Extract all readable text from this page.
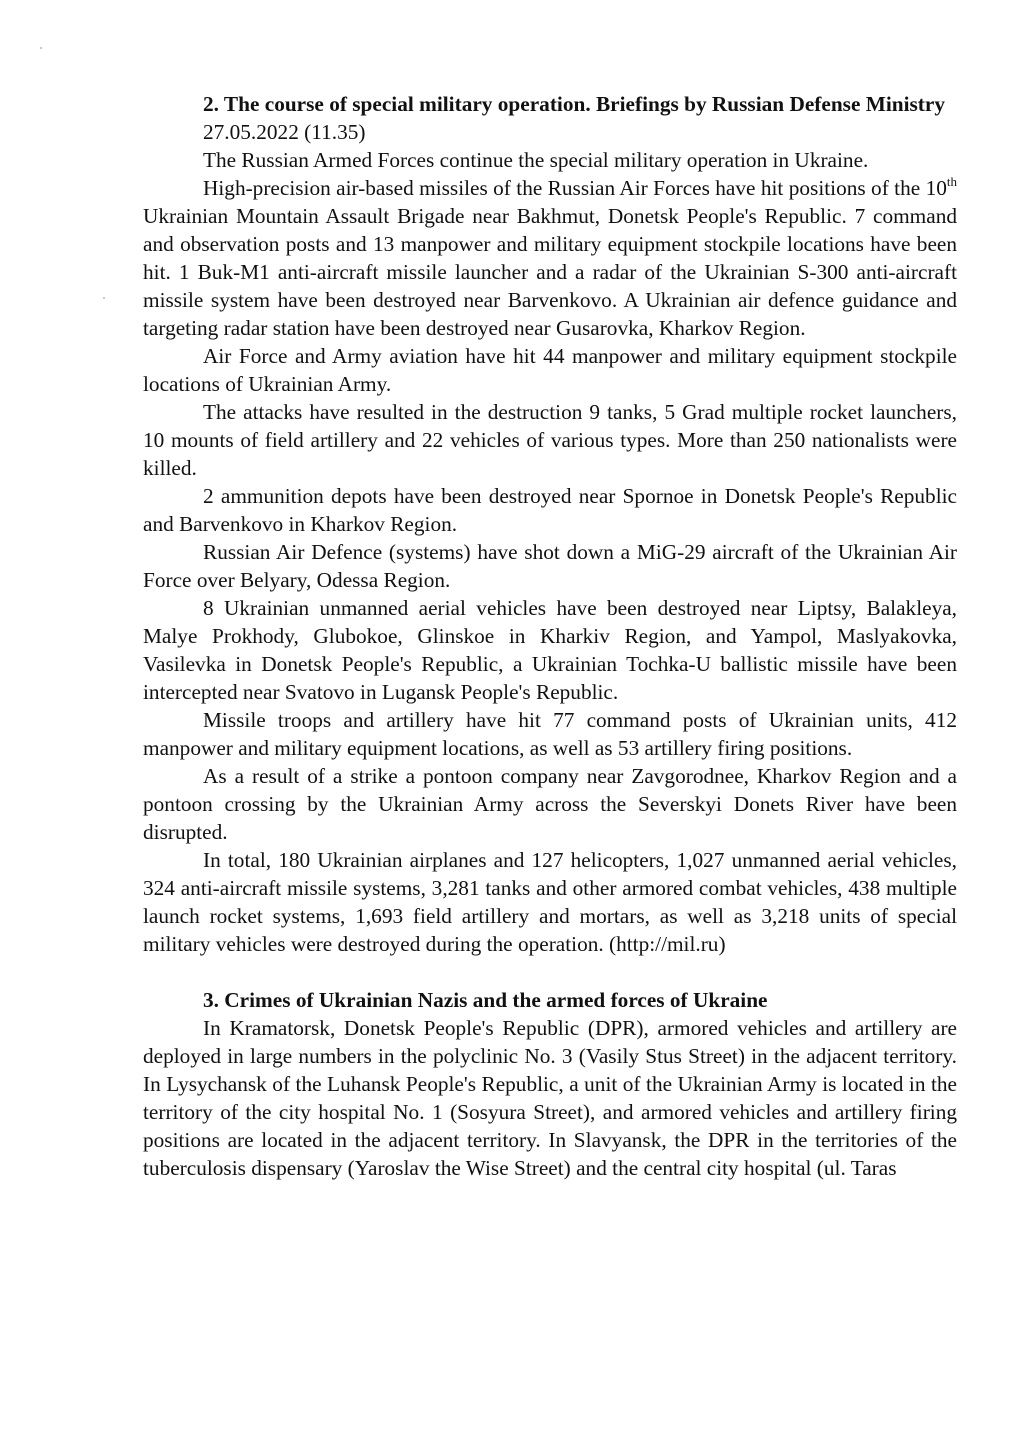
2. The course of special military operation. Briefings by Russian Defense Ministry

27.05.2022 (11.35)

The Russian Armed Forces continue the special military operation in Ukraine.

High-precision air-based missiles of the Russian Air Forces have hit positions of the 10th Ukrainian Mountain Assault Brigade near Bakhmut, Donetsk People's Republic. 7 command and observation posts and 13 manpower and military equipment stockpile locations have been hit. 1 Buk-M1 anti-aircraft missile launcher and a radar of the Ukrainian S-300 anti-aircraft missile system have been destroyed near Barvenkovo. A Ukrainian air defence guidance and targeting radar station have been destroyed near Gusarovka, Kharkov Region.

Air Force and Army aviation have hit 44 manpower and military equipment stockpile locations of Ukrainian Army.

The attacks have resulted in the destruction 9 tanks, 5 Grad multiple rocket launchers, 10 mounts of field artillery and 22 vehicles of various types. More than 250 nationalists were killed.

2 ammunition depots have been destroyed near Spornoe in Donetsk People's Republic and Barvenkovo in Kharkov Region.

Russian Air Defence (systems) have shot down a MiG-29 aircraft of the Ukrainian Air Force over Belyary, Odessa Region.

8 Ukrainian unmanned aerial vehicles have been destroyed near Liptsy, Balakleya, Malye Prokhody, Glubokoe, Glinskoe in Kharkiv Region, and Yampol, Maslyakovka, Vasilevka in Donetsk People's Republic, a Ukrainian Tochka-U ballistic missile have been intercepted near Svatovo in Lugansk People's Republic.

Missile troops and artillery have hit 77 command posts of Ukrainian units, 412 manpower and military equipment locations, as well as 53 artillery firing positions.

As a result of a strike a pontoon company near Zavgorodnee, Kharkov Region and a pontoon crossing by the Ukrainian Army across the Severskyi Donets River have been disrupted.

In total, 180 Ukrainian airplanes and 127 helicopters, 1,027 unmanned aerial vehicles, 324 anti-aircraft missile systems, 3,281 tanks and other armored combat vehicles, 438 multiple launch rocket systems, 1,693 field artillery and mortars, as well as 3,218 units of special military vehicles were destroyed during the operation. (http://mil.ru)

3. Crimes of Ukrainian Nazis and the armed forces of Ukraine

In Kramatorsk, Donetsk People's Republic (DPR), armored vehicles and artillery are deployed in large numbers in the polyclinic No. 3 (Vasily Stus Street) in the adjacent territory. In Lysychansk of the Luhansk People's Republic, a unit of the Ukrainian Army is located in the territory of the city hospital No. 1 (Sosyura Street), and armored vehicles and artillery firing positions are located in the adjacent territory. In Slavyansk, the DPR in the territories of the tuberculosis dispensary (Yaroslav the Wise Street) and the central city hospital (ul. Taras
